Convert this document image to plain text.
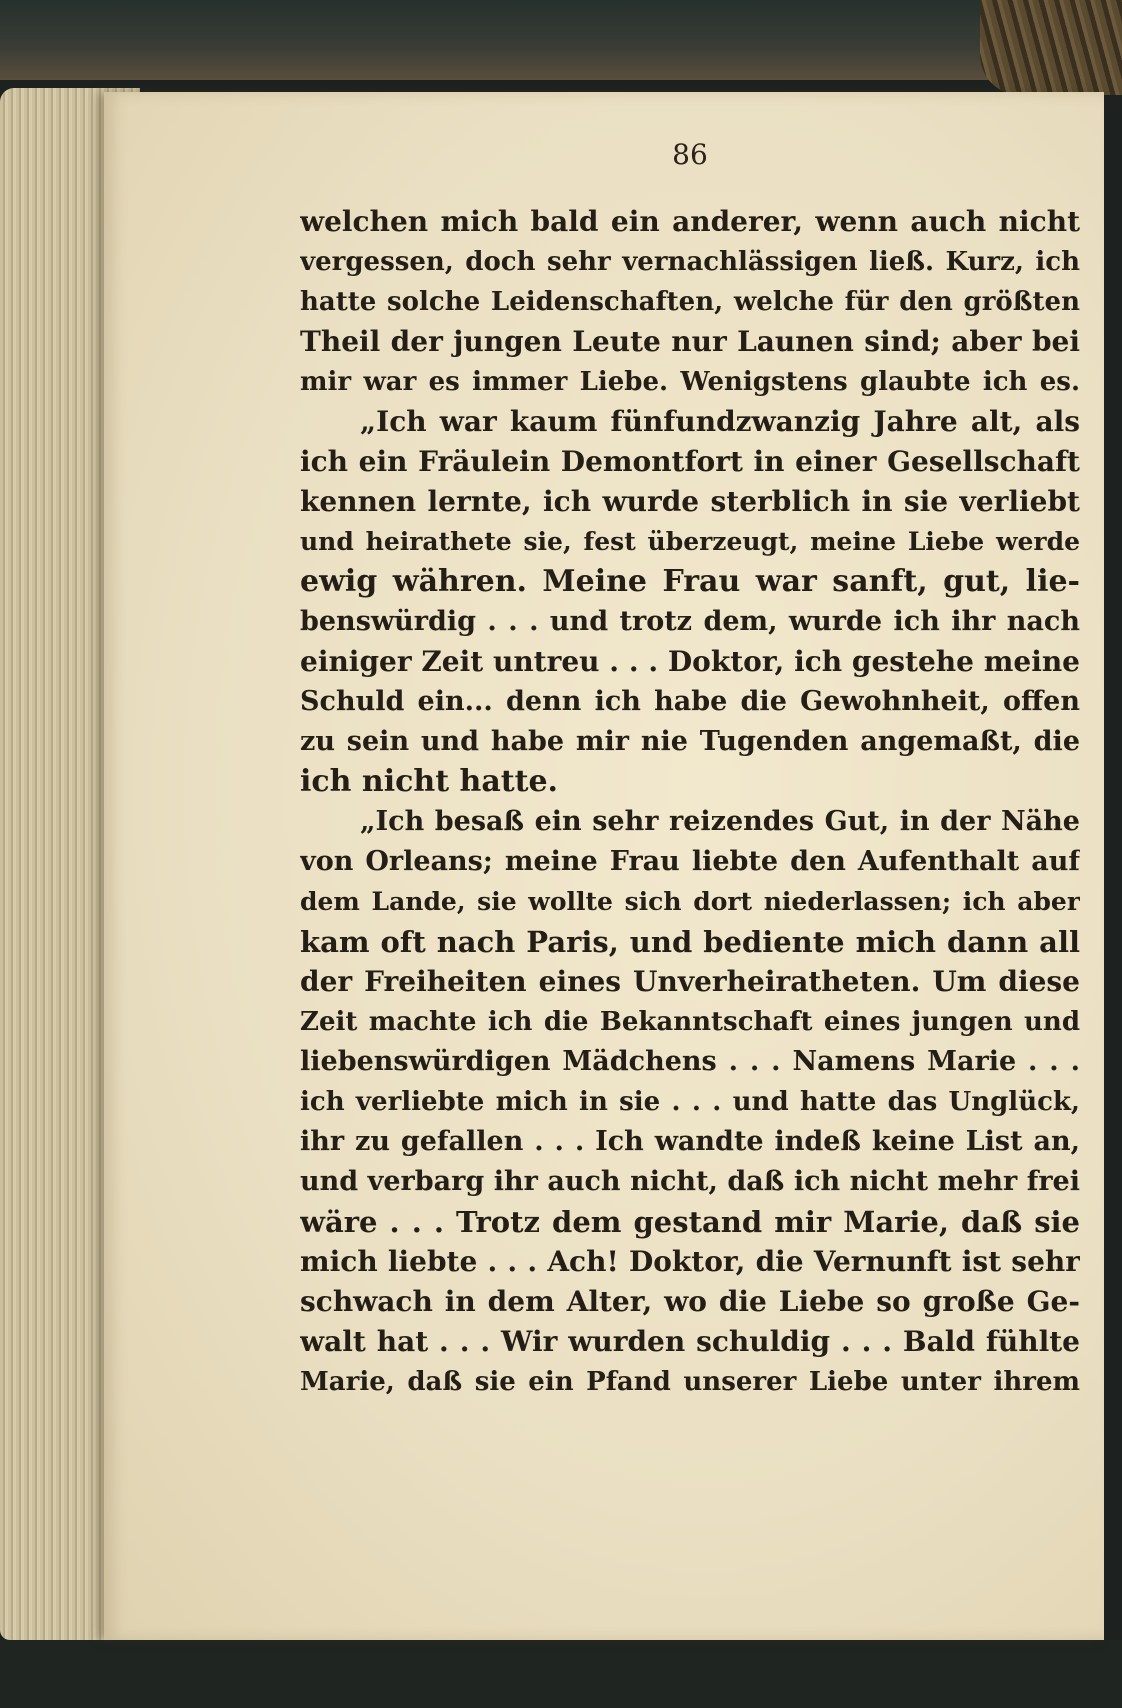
86
welchen mich bald ein anderer, wenn auch nicht
vergessen, doch sehr vernachlässigen ließ. Kurz, ich
hatte solche Leidenschaften, welche für den größten
Theil der jungen Leute nur Launen sind; aber bei
mir war es immer Liebe. Wenigstens glaubte ich es.
„Ich war kaum fünfundzwanzig Jahre alt, als
ich ein Fräulein Demontfort in einer Gesellschaft
kennen lernte, ich wurde sterblich in sie verliebt
und heirathete sie, fest überzeugt, meine Liebe werde
ewig währen. Meine Frau war sanft, gut, lie-
benswürdig . . . und trotz dem, wurde ich ihr nach
einiger Zeit untreu . . . Doktor, ich gestehe meine
Schuld ein... denn ich habe die Gewohnheit, offen
zu sein und habe mir nie Tugenden angemaßt, die
ich nicht hatte.
„Ich besaß ein sehr reizendes Gut, in der Nähe
von Orleans; meine Frau liebte den Aufenthalt auf
dem Lande, sie wollte sich dort niederlassen; ich aber
kam oft nach Paris, und bediente mich dann all
der Freiheiten eines Unverheiratheten. Um diese
Zeit machte ich die Bekanntschaft eines jungen und
liebenswürdigen Mädchens . . . Namens Marie . . .
ich verliebte mich in sie . . . und hatte das Unglück,
ihr zu gefallen . . . Ich wandte indeß keine List an,
und verbarg ihr auch nicht, daß ich nicht mehr frei
wäre . . . Trotz dem gestand mir Marie, daß sie
mich liebte . . . Ach! Doktor, die Vernunft ist sehr
schwach in dem Alter, wo die Liebe so große Ge-
walt hat . . . Wir wurden schuldig . . . Bald fühlte
Marie, daß sie ein Pfand unserer Liebe unter ihrem
